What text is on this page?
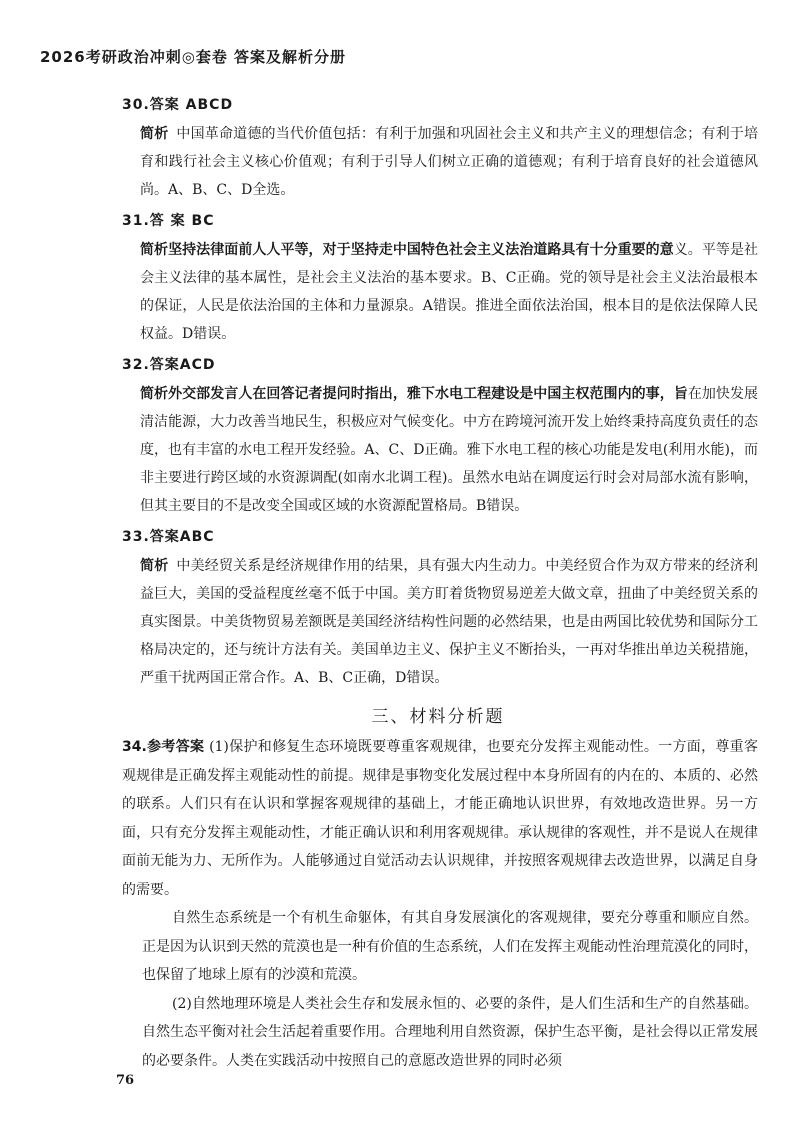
2026考研政治冲刺◎套卷 答案及解析分册
30.答案 ABCD
简析 中国革命道德的当代价值包括：有利于加强和巩固社会主义和共产主义的理想信念；有利于培育和践行社会主义核心价值观；有利于引导人们树立正确的道德观；有利于培育良好的社会道德风尚。A、B、C、D全选。
31.答 案 BC
简析坚持法律面前人人平等，对于坚持走中国特色社会主义法治道路具有十分重要的意义。平等是社会主义法律的基本属性，是社会主义法治的基本要求。B、C正确。党的领导是社会主义法治最根本的保证，人民是依法治国的主体和力量源泉。A错误。推进全面依法治国，根本目的是依法保障人民权益。D错误。
32.答案ACD
简析外交部发言人在回答记者提问时指出，雅下水电工程建设是中国主权范围内的事，旨在加快发展清洁能源，大力改善当地民生，积极应对气候变化。中方在跨境河流开发上始终秉持高度负责任的态度，也有丰富的水电工程开发经验。A、C、D正确。雅下水电工程的核心功能是发电(利用水能)，而非主要进行跨区域的水资源调配(如南水北调工程)。虽然水电站在调度运行时会对局部水流有影响，但其主要目的不是改变全国或区域的水资源配置格局。B错误。
33.答案ABC
简析 中美经贸关系是经济规律作用的结果，具有强大内生动力。中美经贸合作为双方带来的经济利益巨大，美国的受益程度丝毫不低于中国。美方盯着货物贸易逆差大做文章，扭曲了中美经贸关系的真实图景。中美货物贸易差额既是美国经济结构性问题的必然结果，也是由两国比较优势和国际分工格局决定的，还与统计方法有关。美国单边主义、保护主义不断抬头，一再对华推出单边关税措施，严重干扰两国正常合作。A、B、C正确，D错误。
三、材料分析题
34.参考答案 (1)保护和修复生态环境既要尊重客观规律，也要充分发挥主观能动性。一方面，尊重客观规律是正确发挥主观能动性的前提。规律是事物变化发展过程中本身所固有的内在的、本质的、必然的联系。人们只有在认识和掌握客观规律的基础上，才能正确地认识世界，有效地改造世界。另一方面，只有充分发挥主观能动性，才能正确认识和利用客观规律。承认规律的客观性，并不是说人在规律面前无能为力、无所作为。人能够通过自觉活动去认识规律，并按照客观规律去改造世界，以满足自身的需要。
自然生态系统是一个有机生命躯体，有其自身发展演化的客观规律，要充分尊重和顺应自然。正是因为认识到天然的荒漠也是一种有价值的生态系统，人们在发挥主观能动性治理荒漠化的同时，也保留了地球上原有的沙漠和荒漠。
(2)自然地理环境是人类社会生存和发展永恒的、必要的条件，是人们生活和生产的自然基础。自然生态平衡对社会生活起着重要作用。合理地利用自然资源，保护生态平衡，是社会得以正常发展的必要条件。人类在实践活动中按照自己的意愿改造世界的同时必须
76
